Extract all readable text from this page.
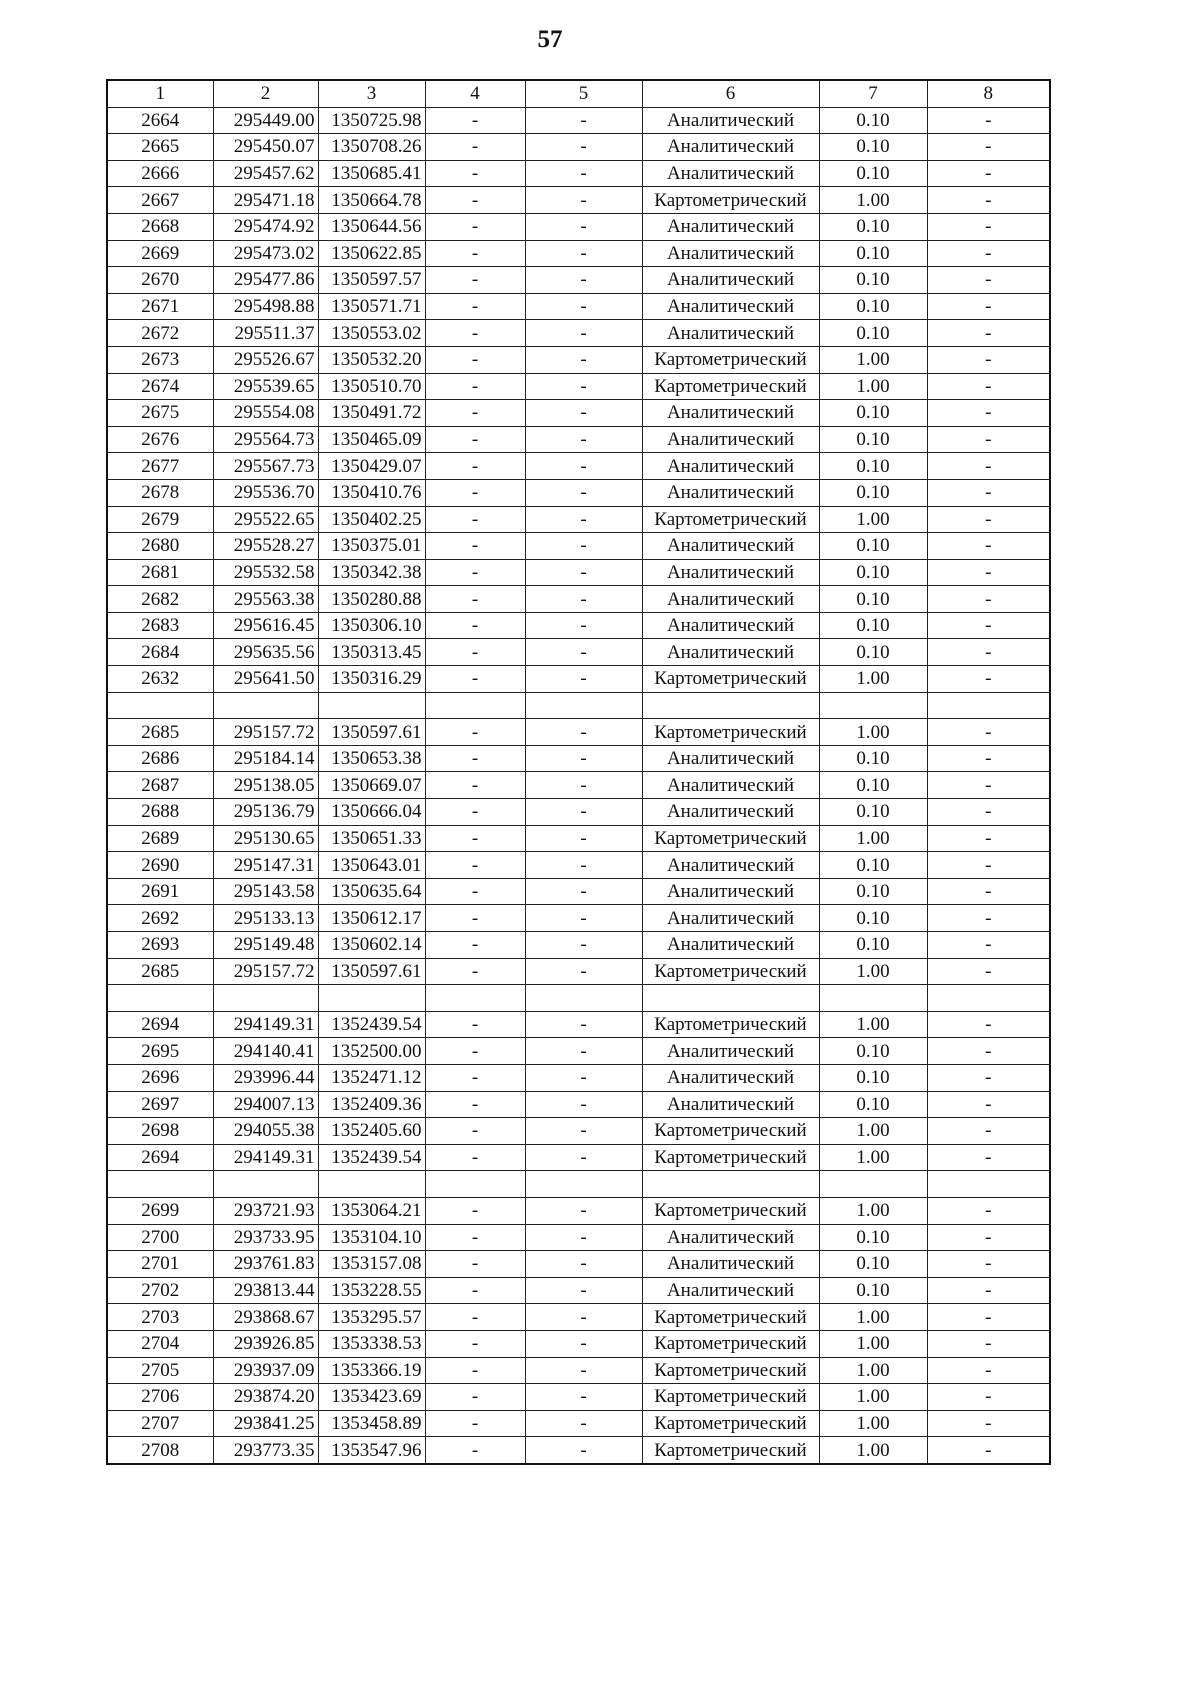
57
1	2	3	4	5	6	7	8
2664	295449.00	1350725.98	-	-	Аналитический	0.10	-
2665	295450.07	1350708.26	-	-	Аналитический	0.10	-
2666	295457.62	1350685.41	-	-	Аналитический	0.10	-
2667	295471.18	1350664.78	-	-	Картометрический	1.00	-
2668	295474.92	1350644.56	-	-	Аналитический	0.10	-
2669	295473.02	1350622.85	-	-	Аналитический	0.10	-
2670	295477.86	1350597.57	-	-	Аналитический	0.10	-
2671	295498.88	1350571.71	-	-	Аналитический	0.10	-
2672	295511.37	1350553.02	-	-	Аналитический	0.10	-
2673	295526.67	1350532.20	-	-	Картометрический	1.00	-
2674	295539.65	1350510.70	-	-	Картометрический	1.00	-
2675	295554.08	1350491.72	-	-	Аналитический	0.10	-
2676	295564.73	1350465.09	-	-	Аналитический	0.10	-
2677	295567.73	1350429.07	-	-	Аналитический	0.10	-
2678	295536.70	1350410.76	-	-	Аналитический	0.10	-
2679	295522.65	1350402.25	-	-	Картометрический	1.00	-
2680	295528.27	1350375.01	-	-	Аналитический	0.10	-
2681	295532.58	1350342.38	-	-	Аналитический	0.10	-
2682	295563.38	1350280.88	-	-	Аналитический	0.10	-
2683	295616.45	1350306.10	-	-	Аналитический	0.10	-
2684	295635.56	1350313.45	-	-	Аналитический	0.10	-
2632	295641.50	1350316.29	-	-	Картометрический	1.00	-

2685	295157.72	1350597.61	-	-	Картометрический	1.00	-
2686	295184.14	1350653.38	-	-	Аналитический	0.10	-
2687	295138.05	1350669.07	-	-	Аналитический	0.10	-
2688	295136.79	1350666.04	-	-	Аналитический	0.10	-
2689	295130.65	1350651.33	-	-	Картометрический	1.00	-
2690	295147.31	1350643.01	-	-	Аналитический	0.10	-
2691	295143.58	1350635.64	-	-	Аналитический	0.10	-
2692	295133.13	1350612.17	-	-	Аналитический	0.10	-
2693	295149.48	1350602.14	-	-	Аналитический	0.10	-
2685	295157.72	1350597.61	-	-	Картометрический	1.00	-

2694	294149.31	1352439.54	-	-	Картометрический	1.00	-
2695	294140.41	1352500.00	-	-	Аналитический	0.10	-
2696	293996.44	1352471.12	-	-	Аналитический	0.10	-
2697	294007.13	1352409.36	-	-	Аналитический	0.10	-
2698	294055.38	1352405.60	-	-	Картометрический	1.00	-
2694	294149.31	1352439.54	-	-	Картометрический	1.00	-

2699	293721.93	1353064.21	-	-	Картометрический	1.00	-
2700	293733.95	1353104.10	-	-	Аналитический	0.10	-
2701	293761.83	1353157.08	-	-	Аналитический	0.10	-
2702	293813.44	1353228.55	-	-	Аналитический	0.10	-
2703	293868.67	1353295.57	-	-	Картометрический	1.00	-
2704	293926.85	1353338.53	-	-	Картометрический	1.00	-
2705	293937.09	1353366.19	-	-	Картометрический	1.00	-
2706	293874.20	1353423.69	-	-	Картометрический	1.00	-
2707	293841.25	1353458.89	-	-	Картометрический	1.00	-
2708	293773.35	1353547.96	-	-	Картометрический	1.00	-
